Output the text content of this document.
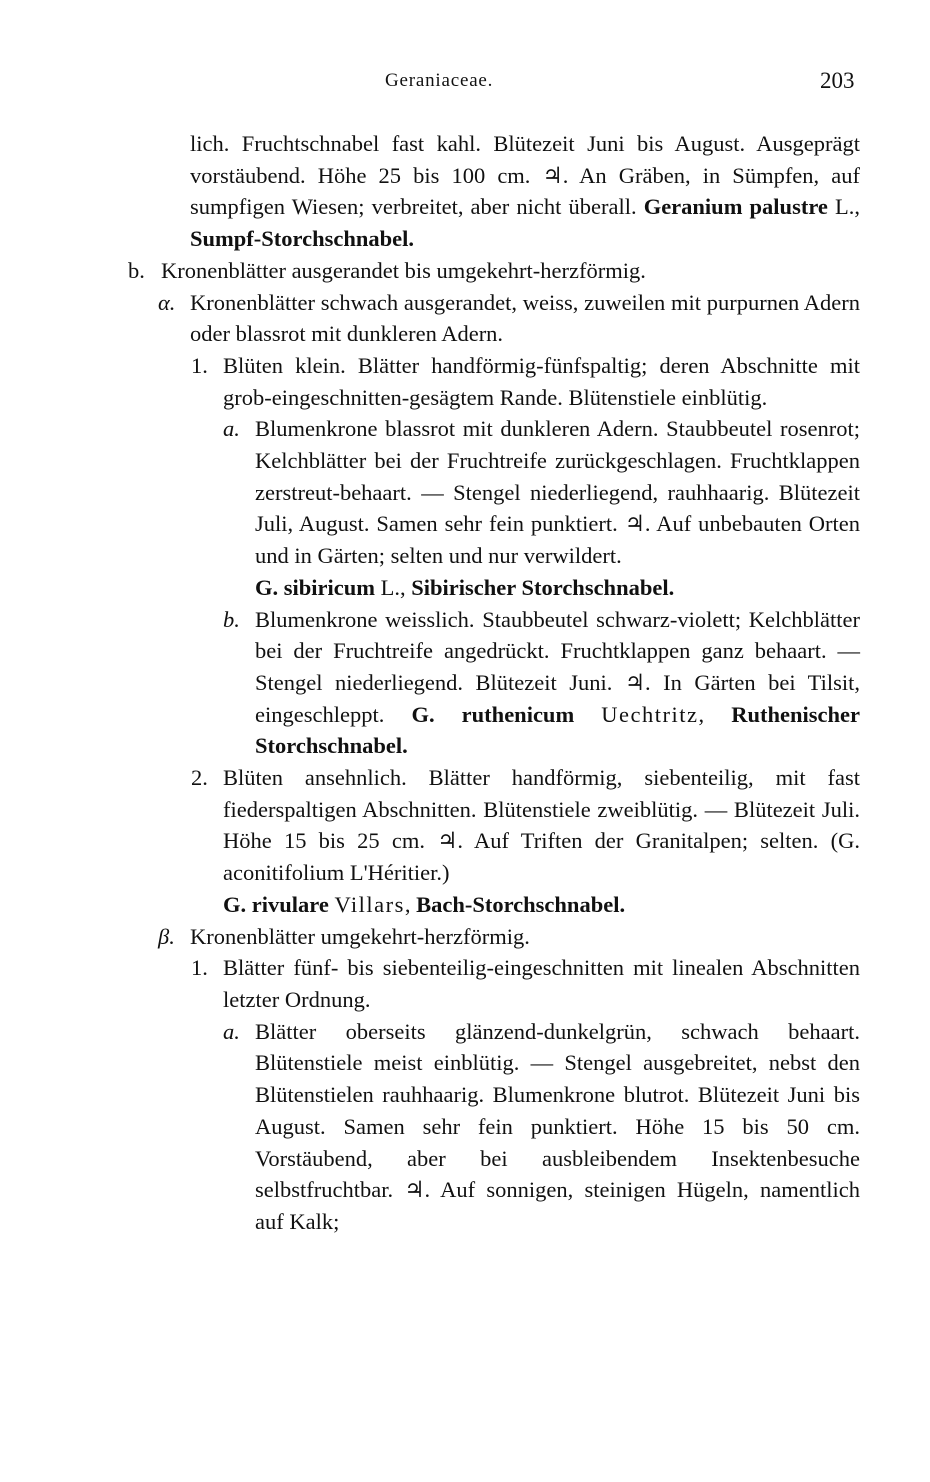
Geraniaceae.	203
lich. Fruchtschnabel fast kahl. Blütezeit Juni bis August. Ausgeprägt vorstäubend. Höhe 25 bis 100 cm. ♃. An Gräben, in Sümpfen, auf sumpfigen Wiesen; verbreitet, aber nicht überall. Geranium palustre L., Sumpf-Storchschnabel.
b. Kronenblätter ausgerandet bis umgekehrt-herzförmig.
α. Kronenblätter schwach ausgerandet, weiss, zuweilen mit purpurnen Adern oder blassrot mit dunkleren Adern.
1. Blüten klein. Blätter handförmig-fünfspaltig; deren Abschnitte mit grob-eingeschnitten-gesägtem Rande. Blütenstiele einblütig.
a. Blumenkrone blassrot mit dunkleren Adern. Staubbeutel rosenrot; Kelchblätter bei der Fruchtreife zurückgeschlagen. Fruchtklappen zerstreut-behaart. — Stengel niederliegend, rauhhaarig. Blütezeit Juli, August. Samen sehr fein punktiert. ♃. Auf unbebauten Orten und in Gärten; selten und nur verwildert.
G. sibiricum L., Sibirischer Storchschnabel.
b. Blumenkrone weisslich. Staubbeutel schwarz-violett; Kelchblätter bei der Fruchtreife angedrückt. Fruchtklappen ganz behaart. — Stengel niederliegend. Blütezeit Juni. ♃. In Gärten bei Tilsit, eingeschleppt. G. ruthenicum Uechtritz, Ruthenischer Storchschnabel.
2. Blüten ansehnlich. Blätter handförmig, siebenteilig, mit fast fiederspaltigen Abschnitten. Blütenstiele zweiblütig. — Blütezeit Juli. Höhe 15 bis 25 cm. ♃. Auf Triften der Granitalpen; selten. (G. aconitifolium L'Héritier.)
G. rivulare Villars, Bach-Storchschnabel.
β. Kronenblätter umgekehrt-herzförmig.
1. Blätter fünf- bis siebenteilig-eingeschnitten mit linealen Abschnitten letzter Ordnung.
a. Blätter oberseits glänzend-dunkelgrün, schwach behaart. Blütenstiele meist einblütig. — Stengel ausgebreitet, nebst den Blütenstielen rauhhaarig. Blumenkrone blutrot. Blütezeit Juni bis August. Samen sehr fein punktiert. Höhe 15 bis 50 cm. Vorstäubend, aber bei ausbleibendem Insektenbesuche selbstfruchtbar. ♃. Auf sonnigen, steinigen Hügeln, namentlich auf Kalk;
